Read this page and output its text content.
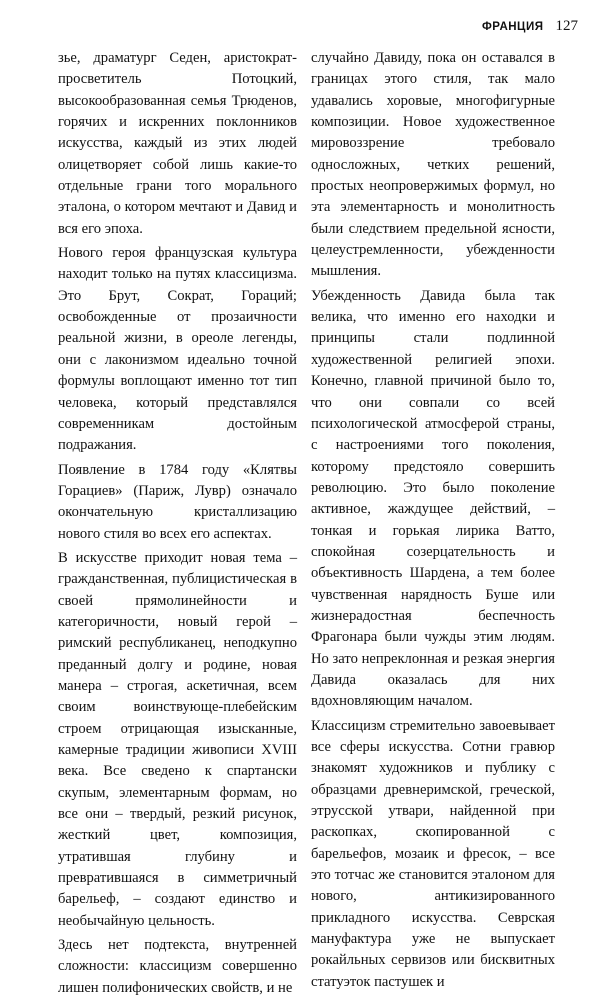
ФРАНЦИЯ 127

зье, драматург Седен, аристократ-просветитель Потоцкий, высокообразованная семья Трюденов, горячих и искренних поклонников искусства, каждый из этих людей олицетворяет собой лишь какие-то отдельные грани того морального эталона, о котором мечтают и Давид и вся его эпоха.

Нового героя французская культура находит только на путях классицизма. Это Брут, Сократ, Гораций; освобожденные от прозаичности реальной жизни, в ореоле легенды, они с лаконизмом идеально точной формулы воплощают именно тот тип человека, который представлялся современникам достойным подражания.

Появление в 1784 году «Клятвы Горациев» (Париж, Лувр) означало окончательную кристаллизацию нового стиля во всех его аспектах.

В искусстве приходит новая тема – гражданственная, публицистическая в своей прямолинейности и категоричности, новый герой – римский республиканец, неподкупно преданный долгу и родине, новая манера – строгая, аскетичная, всем своим воинствующе-плебейским строем отрицающая изысканные, камерные традиции живописи XVIII века. Все сведено к спартански скупым, элементарным формам, но все они – твердый, резкий рисунок, жесткий цвет, композиция, утратившая глубину и превратившаяся в симметричный барельеф, – создают единство и необычайную цельность.

Здесь нет подтекста, внутренней сложности: классицизм совершенно лишен полифонических свойств, и не

случайно Давиду, пока он оставался в границах этого стиля, так мало удавались хоровые, многофигурные композиции. Новое художественное мировоззрение требовало односложных, четких решений, простых неопровержимых формул, но эта элементарность и монолитность были следствием предельной ясности, целеустремленности, убежденности мышления.

Убежденность Давида была так велика, что именно его находки и принципы стали подлинной художественной религией эпохи. Конечно, главной причиной было то, что они совпали со всей психологической атмосферой страны, с настроениями того поколения, которому предстояло совершить революцию. Это было поколение активное, жаждущее действий, – тонкая и горькая лирика Ватто, спокойная созерцательность и объективность Шардена, а тем более чувственная нарядность Буше или жизнерадостная беспечность Фрагонара были чужды этим людям. Но зато непреклонная и резкая энергия Давида оказалась для них вдохновляющим началом.

Классицизм стремительно завоевывает все сферы искусства. Сотни гравюр знакомят художников и публику с образцами древнеримской, греческой, этрусской утвари, найденной при раскопках, скопированной с барельефов, мозаик и фресок, – все это тотчас же становится эталоном для нового, антикизированного прикладного искусства. Севрская мануфактура уже не выпускает рокайльных сервизов или бисквитных статуэток пастушек и
